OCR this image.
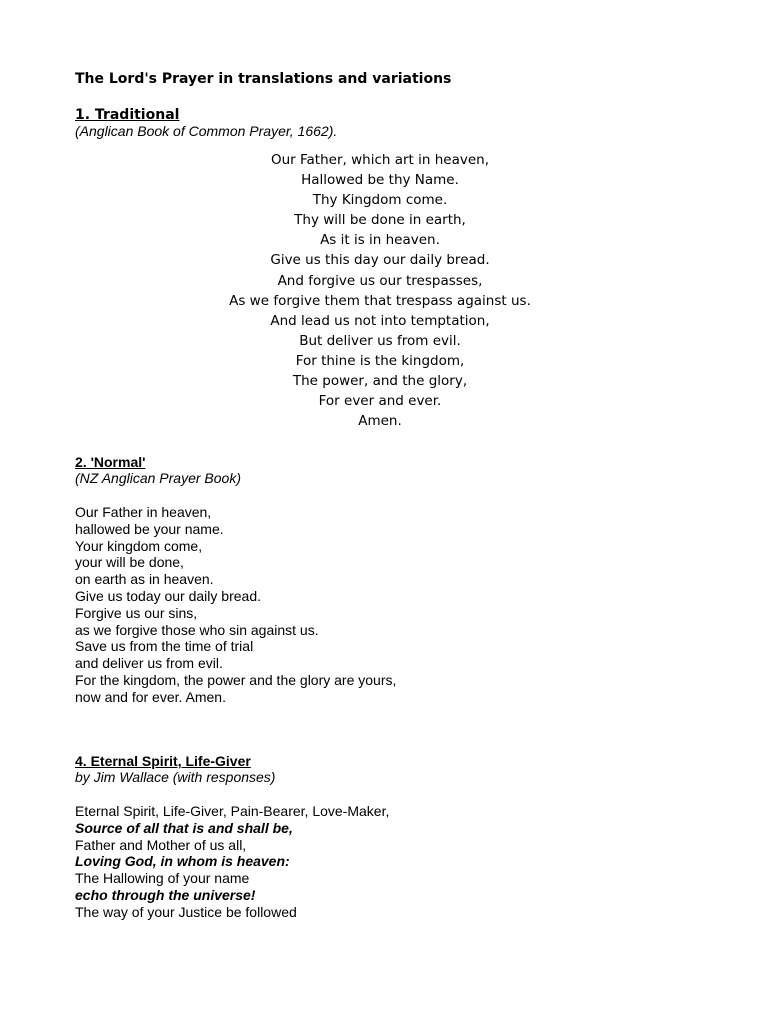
The Lord's Prayer in translations and variations
1. Traditional
(Anglican Book of Common Prayer, 1662).
Our Father, which art in heaven,
Hallowed be thy Name.
Thy Kingdom come.
Thy will be done in earth,
As it is in heaven.
Give us this day our daily bread.
And forgive us our trespasses,
As we forgive them that trespass against us.
And lead us not into temptation,
But deliver us from evil.
For thine is the kingdom,
The power, and the glory,
For ever and ever.
Amen.
2. 'Normal'
(NZ Anglican Prayer Book)
Our Father in heaven,
hallowed be your name.
Your kingdom come,
your will be done,
on earth as in heaven.
Give us today our daily bread.
Forgive us our sins,
as we forgive those who sin against us.
Save us from the time of trial
and deliver us from evil.
For the kingdom, the power and the glory are yours,
now and for ever. Amen.
4. Eternal Spirit, Life-Giver
by Jim Wallace (with responses)
Eternal Spirit, Life-Giver, Pain-Bearer, Love-Maker,
Source of all that is and shall be,
Father and Mother of us all,
Loving God, in whom is heaven:
The Hallowing of your name
echo through the universe!
The way of your Justice be followed
